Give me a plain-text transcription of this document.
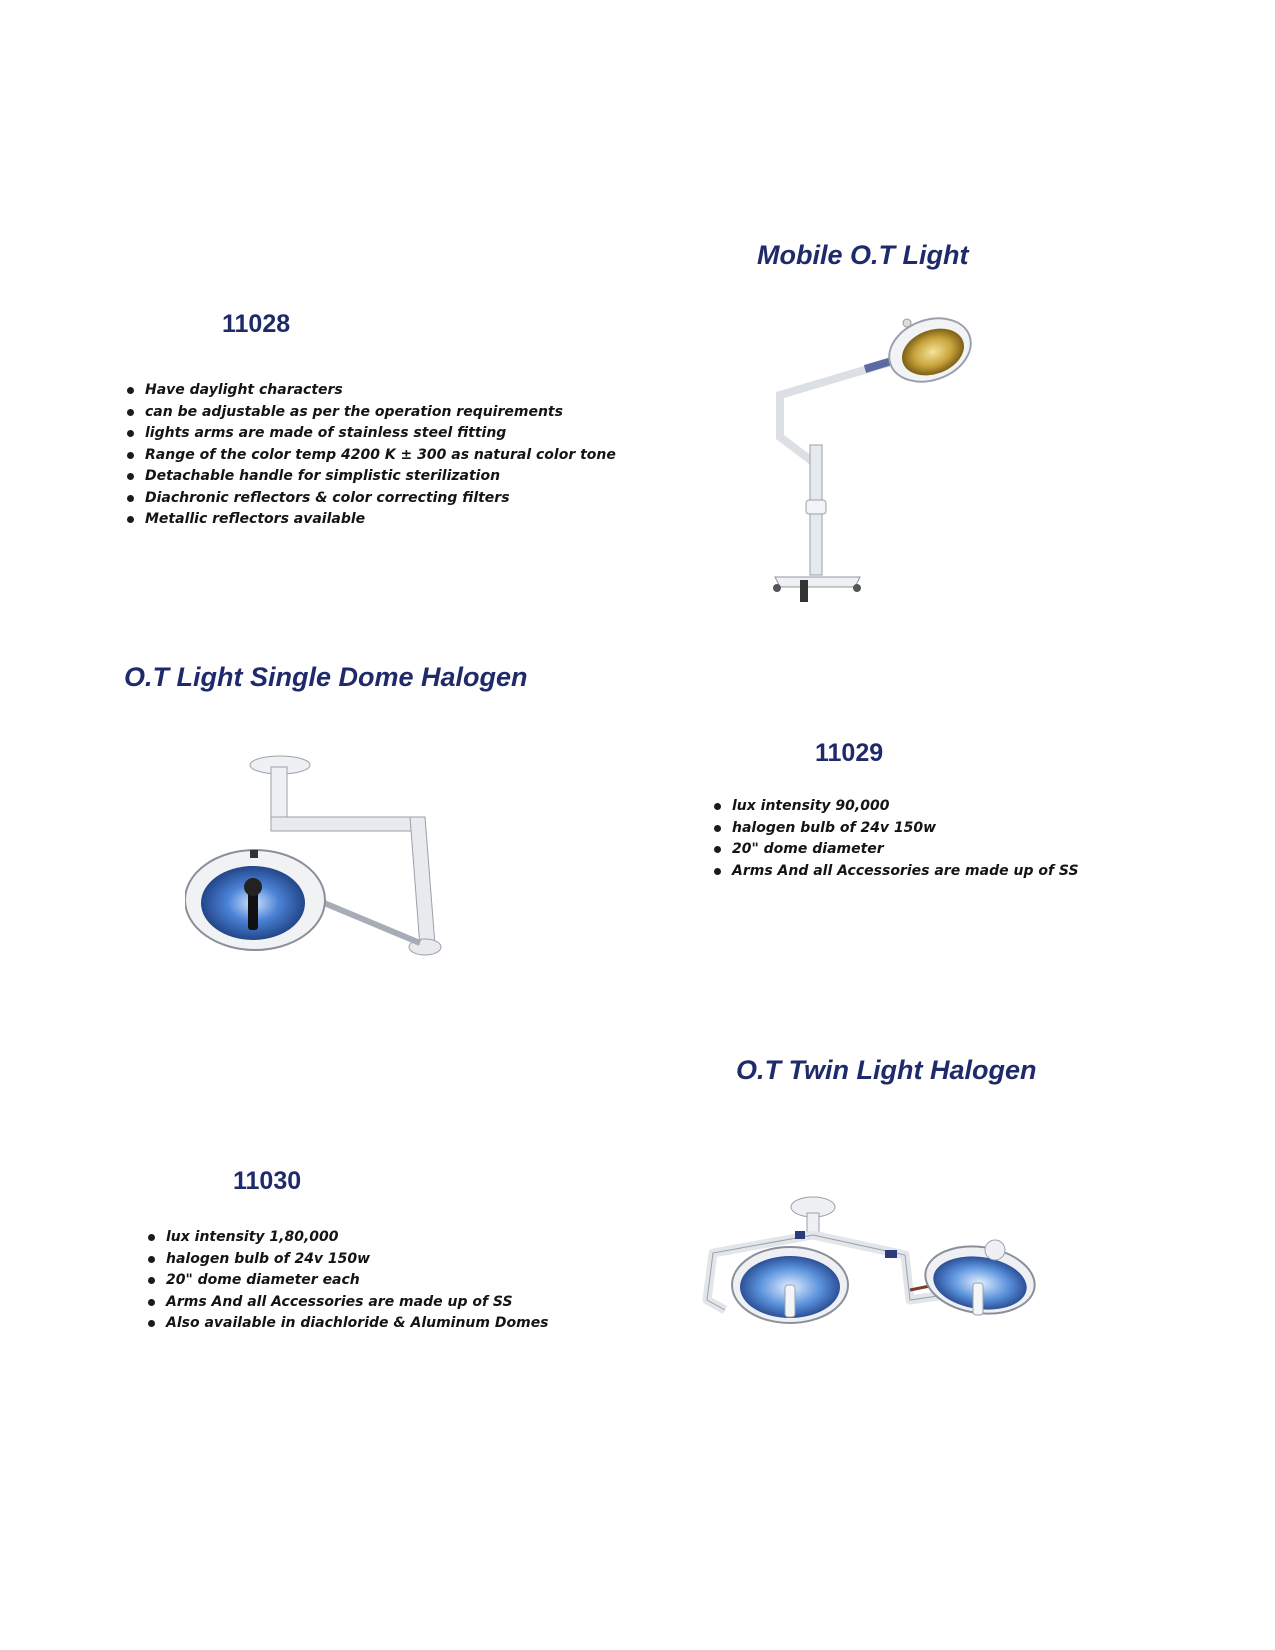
Mobile O.T Light
11028
Have daylight characters
can be adjustable as per the operation requirements
lights arms are made of stainless steel fitting
Range of the color temp 4200 K ± 300 as natural color tone
Detachable handle for simplistic sterilization
Diachronic reflectors & color correcting filters
Metallic reflectors available
O.T Light Single Dome Halogen
11029
lux intensity 90,000
halogen bulb of 24v 150w
20" dome diameter
Arms And all Accessories are made up of SS
O.T Twin Light Halogen
11030
lux intensity 1,80,000
halogen bulb of 24v 150w
20" dome diameter each
Arms And all Accessories are made up of SS
Also available in diachloride & Aluminum Domes
